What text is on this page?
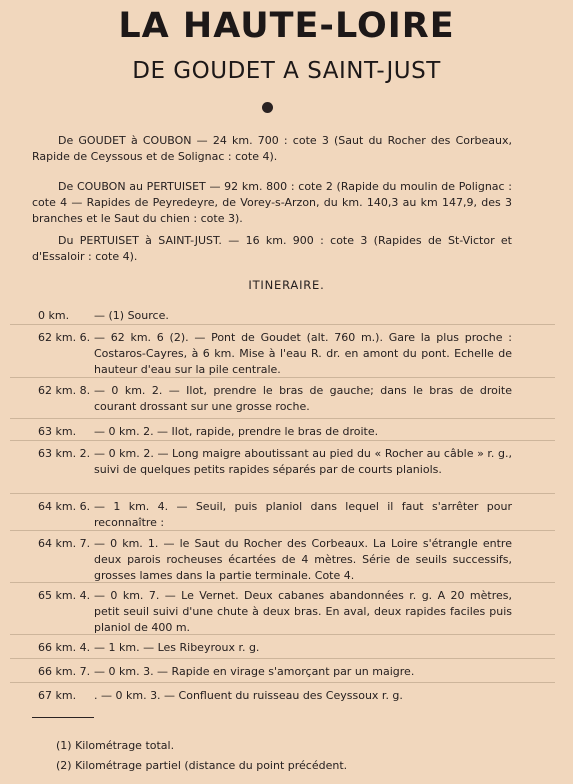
LA HAUTE-LOIRE
DE GOUDET A SAINT-JUST
De GOUDET à COUBON — 24 km. 700 : cote 3 (Saut du Rocher des Corbeaux, Rapide de Ceyssous et de Solignac : cote 4).
De COUBON au PERTUISET — 92 km. 800 : cote 2 (Rapide du moulin de Polignac : cote 4 — Rapides de Peyredeyre, de Vorey-s-Arzon, du km. 140,3 au km 147,9, des 3 branches et le Saut du chien : cote 3).
Du PERTUISET à SAINT-JUST. — 16 km. 900 : cote 3 (Rapides de St-Victor et d'Essaloir : cote 4).
ITINERAIRE.
0 km.	— (1) Source.
62 km. 6. — 62 km. 6 (2). — Pont de Goudet (alt. 760 m.). Gare la plus proche : Costaros-Cayres, à 6 km. Mise à l'eau R. dr. en amont du pont. Echelle de hauteur d'eau sur la pile centrale.
62 km. 8. — 0 km. 2. — Ilot, prendre le bras de gauche; dans le bras de droite courant drossant sur une grosse roche.
63 km.	— 0 km. 2. — Ilot, rapide, prendre le bras de droite.
63 km. 2. — 0 km. 2. — Long maigre aboutissant au pied du « Rocher au câble » r. g., suivi de quelques petits rapides séparés par de courts planiols.
64 km. 6. — 1 km. 4. — Seuil, puis planiol dans lequel il faut s'arrêter pour reconnaître :
64 km. 7. — 0 km. 1. — le Saut du Rocher des Corbeaux. La Loire s'étrangle entre deux parois rocheuses écartées de 4 mètres. Série de seuils successifs, grosses lames dans la partie terminale. Cote 4.
65 km. 4. — 0 km. 7. — Le Vernet. Deux cabanes abandonnées r. g. A 20 mètres, petit seuil suivi d'une chute à deux bras. En aval, deux rapides faciles puis planiol de 400 m.
66 km. 4. — 1 km. — Les Ribeyroux r. g.
66 km. 7. — 0 km. 3. — Rapide en virage s'amorçant par un maigre.
67 km.	. — 0 km. 3. — Confluent du ruisseau des Ceyssoux r. g.
(1) Kilométrage total.
(2) Kilométrage partiel (distance du point précédent.
